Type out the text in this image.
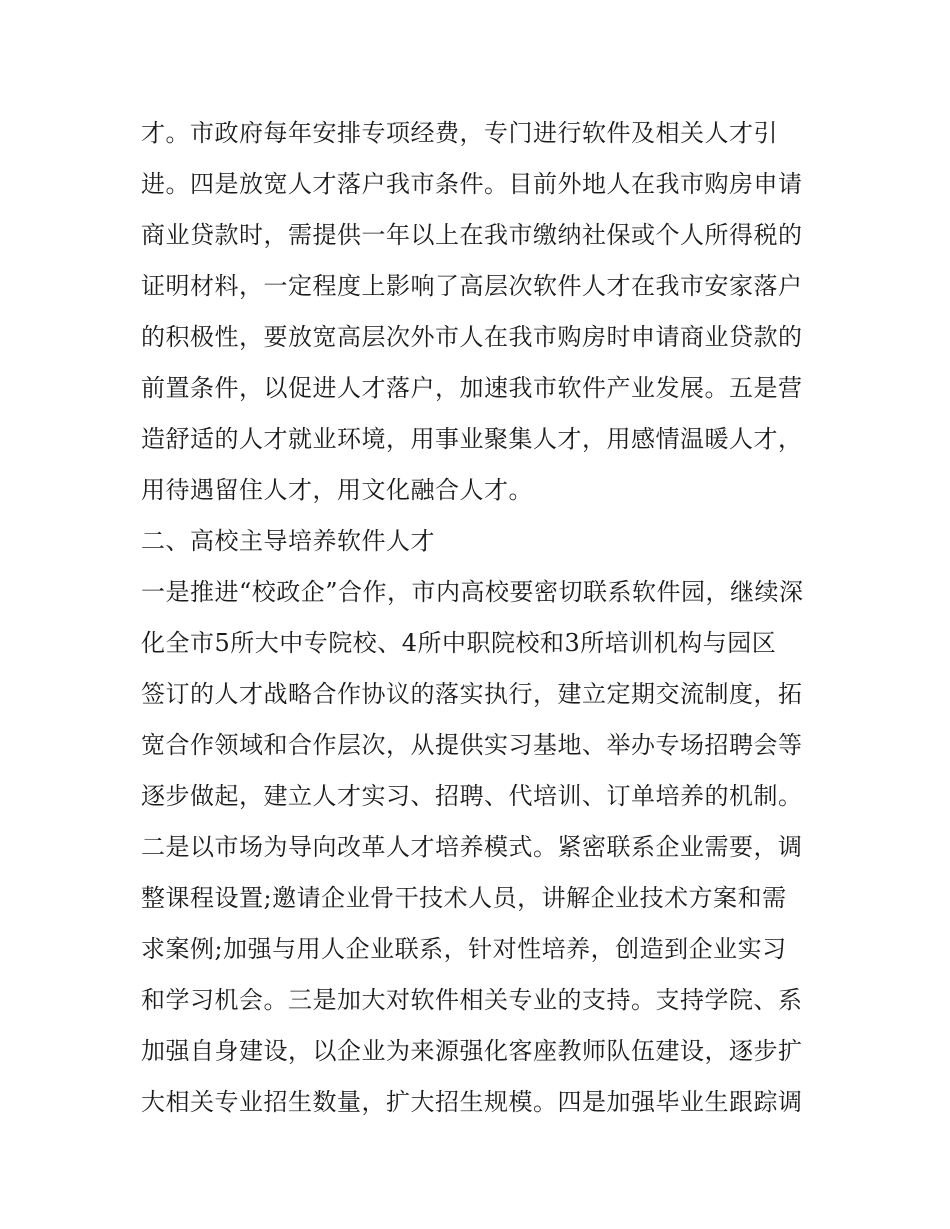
才。市政府每年安排专项经费，专门进行软件及相关人才引
进。四是放宽人才落户我市条件。目前外地人在我市购房申请
商业贷款时，需提供一年以上在我市缴纳社保或个人所得税的
证明材料，一定程度上影响了高层次软件人才在我市安家落户
的积极性，要放宽高层次外市人在我市购房时申请商业贷款的
前置条件，以促进人才落户，加速我市软件产业发展。五是营
造舒适的人才就业环境，用事业聚集人才，用感情温暖人才，
用待遇留住人才，用文化融合人才。
二、高校主导培养软件人才
一是推进“校政企”合作，市内高校要密切联系软件园，继续深
化全市5所大中专院校、4所中职院校和3所培训机构与园区
签订的人才战略合作协议的落实执行，建立定期交流制度，拓
宽合作领域和合作层次，从提供实习基地、举办专场招聘会等
逐步做起，建立人才实习、招聘、代培训、订单培养的机制。
二是以市场为导向改革人才培养模式。紧密联系企业需要，调
整课程设置;邀请企业骨干技术人员，讲解企业技术方案和需
求案例;加强与用人企业联系，针对性培养，创造到企业实习
和学习机会。三是加大对软件相关专业的支持。支持学院、系
加强自身建设，以企业为来源强化客座教师队伍建设，逐步扩
大相关专业招生数量，扩大招生规模。四是加强毕业生跟踪调
